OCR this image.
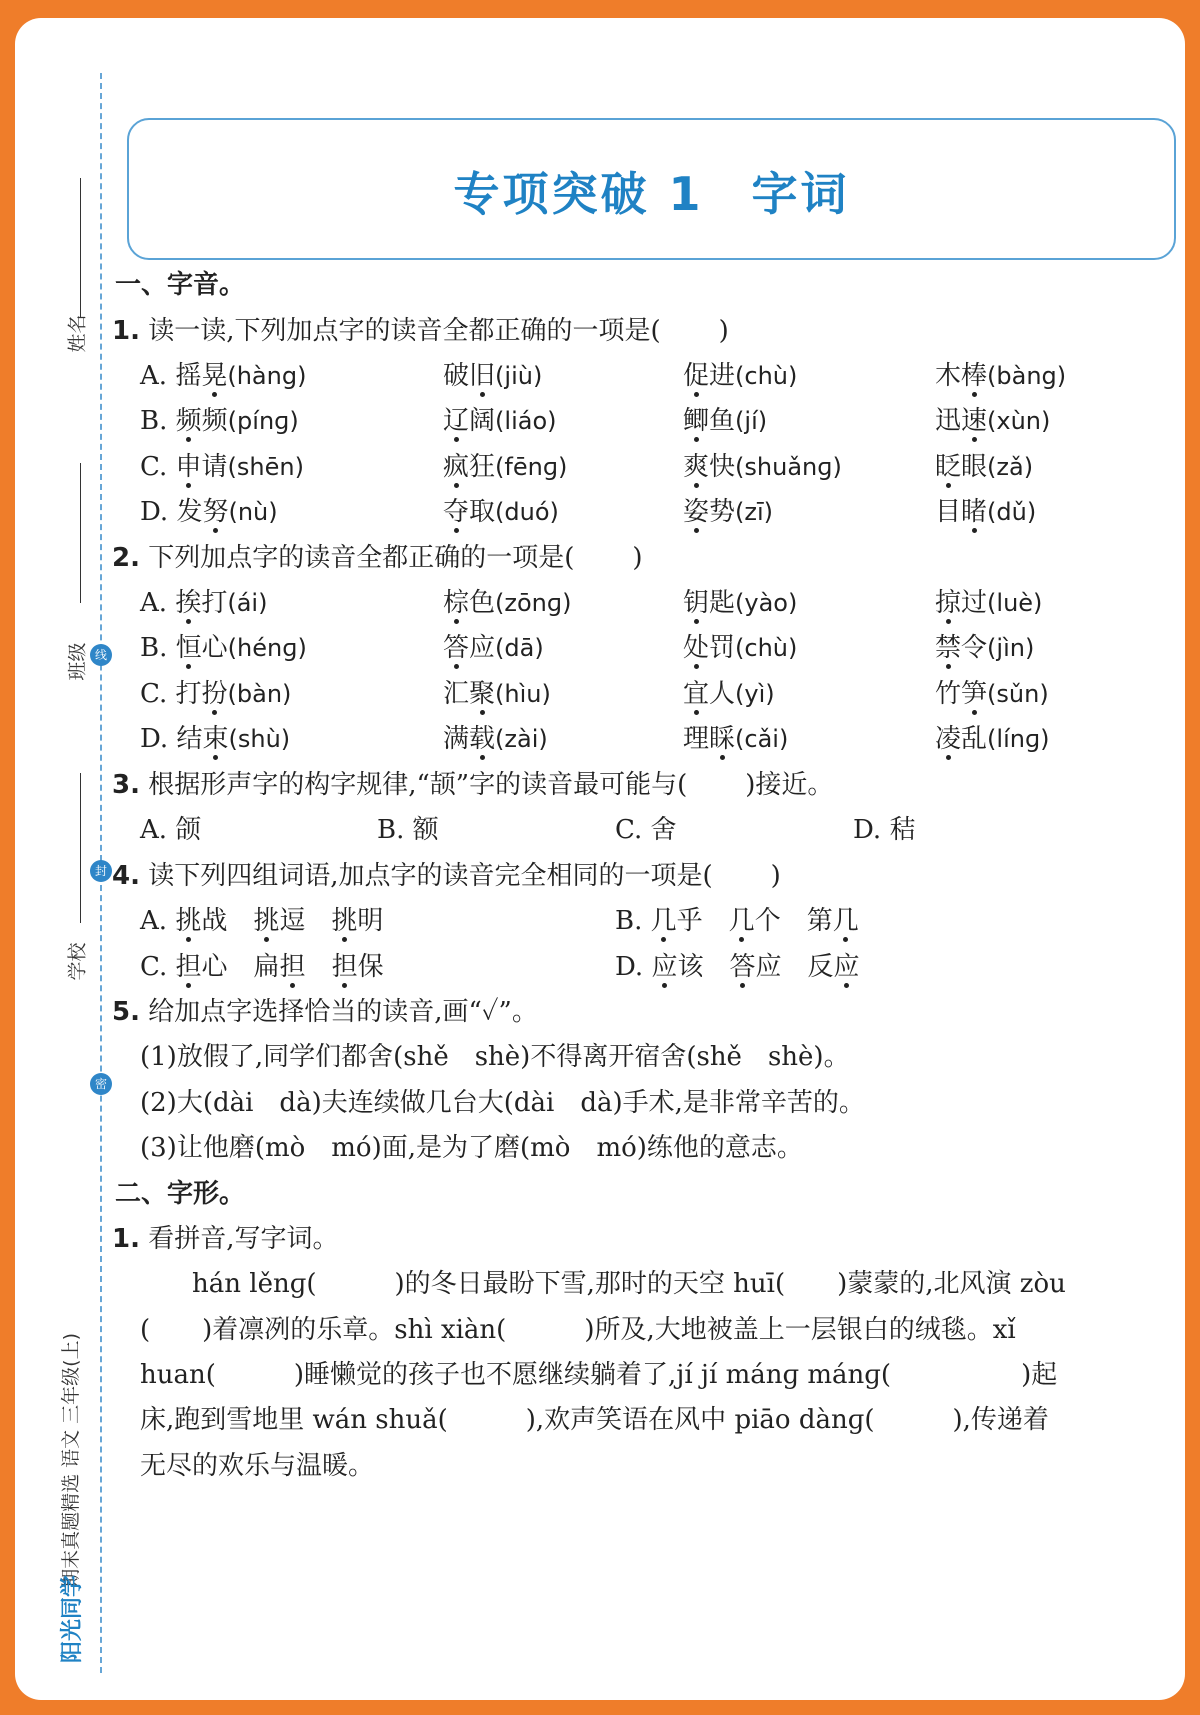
姓名
班级 线
学校
封
密
期末真题精选 语文 三年级(上)
阳光同学
专项突破 1 字词
一、字音。
1. 读一读,下列加点字的读音全都正确的一项是( )
A. 摇晃(hàng)	破旧(jiù)	促进(chù)	木棒(bàng)
B. 频频(pínɡ)	辽阔(liáo)	鲫鱼(jí)	迅速(xùn)
C. 申请(shēn)	疯狂(fēnɡ)	爽快(shuǎnɡ)	眨眼(zǎ)
D. 发努(nù)	夺取(duó)	姿势(zī)	目睹(dǔ)
2. 下列加点字的读音全都正确的一项是( )
A. 挨打(ái)	棕色(zōnɡ)	钥匙(yào)	掠过(luè)
B. 恒心(hénɡ)	答应(dā)	处罚(chù)	禁令(jìn)
C. 打扮(bàn)	汇聚(hìu)	宜人(yì)	竹笋(sǔn)
D. 结束(shù)	满载(zài)	理睬(cǎi)	凌乱(línɡ)
3. 根据形声字的构字规律,“颉”字的读音最可能与( )接近。
A. 颌	B. 额	C. 舍	D. 秸
4. 读下列四组词语,加点字的读音完全相同的一项是( )
A. 挑战 挑逗 挑明	B. 几乎 几个 第几
C. 担心 扁担 担保	D. 应该 答应 反应
5. 给加点字选择恰当的读音,画“✓”。
(1)放假了,同学们都舍(shě　shè)不得离开宿舍(shě　shè)。
(2)大(dài　dà)夫连续做几台大(dài　dà)手术,是非常辛苦的。
(3)让他磨(mò　mó)面,是为了磨(mò　mó)练他的意志。
二、字形。
1. 看拼音,写字词。
　　hán lěnɡ(　　　)的冬日最盼下雪,那时的天空 huī(　　)蒙蒙的,北风演 zòu
(　　)着凛冽的乐章。shì xiàn(　　　)所及,大地被盖上一层银白的绒毯。xǐ
huan(　　　)睡懒觉的孩子也不愿继续躺着了,jí jí mánɡ mánɡ(　　　　　)起
床,跑到雪地里 wán shuǎ(　　　),欢声笑语在风中 piāo dànɡ(　　　),传递着
无尽的欢乐与温暖。
